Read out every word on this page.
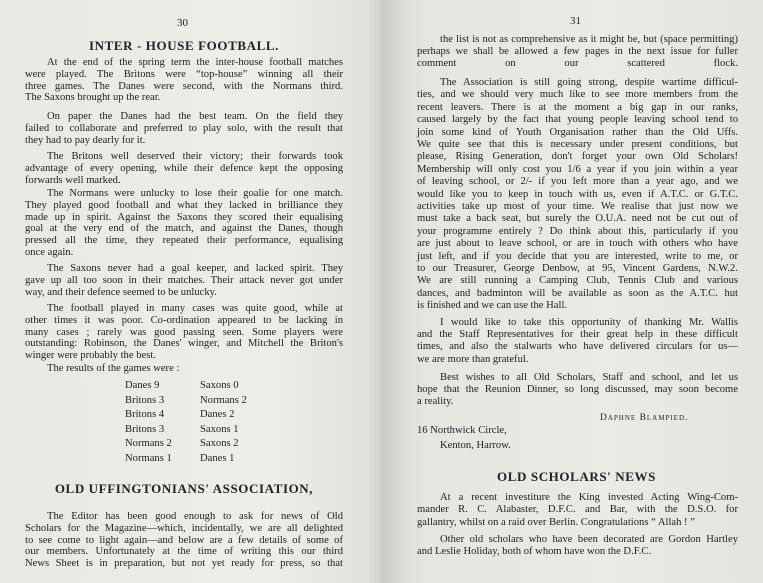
30
INTER - HOUSE FOOTBALL.
OLD UFFINGTONIANS' ASSOCIATION,
At the end of the spring term the inter-house football matches
were played. The Britons were “top-house” winning all their
three games. The Danes were second, with the Normans third.
The Saxons brought up the rear.
On paper the Danes had the best team. On the field they
failed to collaborate and preferred to play solo, with the result that
they had to pay dearly for it.
The Britons well deserved their victory; their forwards took
advantage of every opening, while their defence kept the opposing
forwards well marked.
The Normans were unlucky to lose their goalie for one match.
They played good football and what they lacked in brilliance they
made up in spirit. Against the Saxons they scored their equalising
goal at the very end of the match, and against the Danes, though
pressed all the time, they repeated their performance, equalising
once again.
The Saxons never had a goal keeper, and lacked spirit. They
gave up all too soon in their matches. Their attack never got under
way, and their defence seemed to be unlucky.
The football played in many cases was quite good, while at
other times it was poor. Co-ordination appeared to be lacking in
many cases ; rarely was good passing seen. Some players were
outstanding: Robinson, the Danes' winger, and Mitchell the Briton's
winger were probably the best.
The results of the games were :
The Editor has been good enough to ask for news of Old
Scholars for the Magazine—which, incidentally, we are all delighted
to see come to light again—and below are a few details of some of
our members. Unfortunately at the time of writing this our third
News Sheet is in preparation, but not yet ready for press, so that
Danes 9	Saxons 0
Britons 3	Normans 2
Britons 4	Danes 2
Britons 3	Saxons 1
Normans 2	Saxons 2
Normans 1	Danes 1
31
Daphne Blampied.
16 Northwick Circle,
Kenton, Harrow.
OLD SCHOLARS' NEWS
the list is not as comprehensive as it might be, but (space permitting)
perhaps we shall be allowed a few pages in the next issue for fuller
comment on our scattered flock.
The Association is still going strong, despite wartime difficul-
ties, and we should very much like to see more members from the
recent leavers. There is at the moment a big gap in our ranks,
caused largely by the fact that young people leaving school tend to
join some kind of Youth Organisation rather than the Old Uffs.
We quite see that this is necessary under present conditions, but
please, Rising Generation, don't forget your own Old Scholars!
Membership will only cost you 1/6 a year if you join within a year
of leaving school, or 2/- if you left more than a year ago, and we
would like you to keep in touch with us, even if A.T.C. or G.T.C.
activities take up most of your time. We realise that just now we
must take a back seat, but surely the O.U.A. need not be cut out of
your programme entirely ? Do think about this, particularly if you
are just about to leave school, or are in touch with others who have
just left, and if you decide that you are interested, write to me, or
to our Treasurer, George Denbow, at 95, Vincent Gardens, N.W.2.
We are still running a Camping Club, Tennis Club and various
dances, and badminton will be available as soon as the A.T.C. hut
is finished and we can use the Hall.
I would like to take this opportunity of thanking Mr. Wallis
and the Staff Representatives for their great help in these difficult
times, and also the stalwarts who have delivered circulars for us—
we are more than grateful.
Best wishes to all Old Scholars, Staff and school, and let us
hope that the Reunion Dinner, so long discussed, may soon become
a reality.
At a recent investiture the King invested Acting Wing-Com-
mander R. C. Alabaster, D.F.C. and Bar, with the D.S.O. for
gallantry, whilst on a raid over Berlin. Congratulations “ Allah ! ”
Other old scholars who have been decorated are Gordon Hartley
and Leslie Holiday, both of whom have won the D.F.C.
